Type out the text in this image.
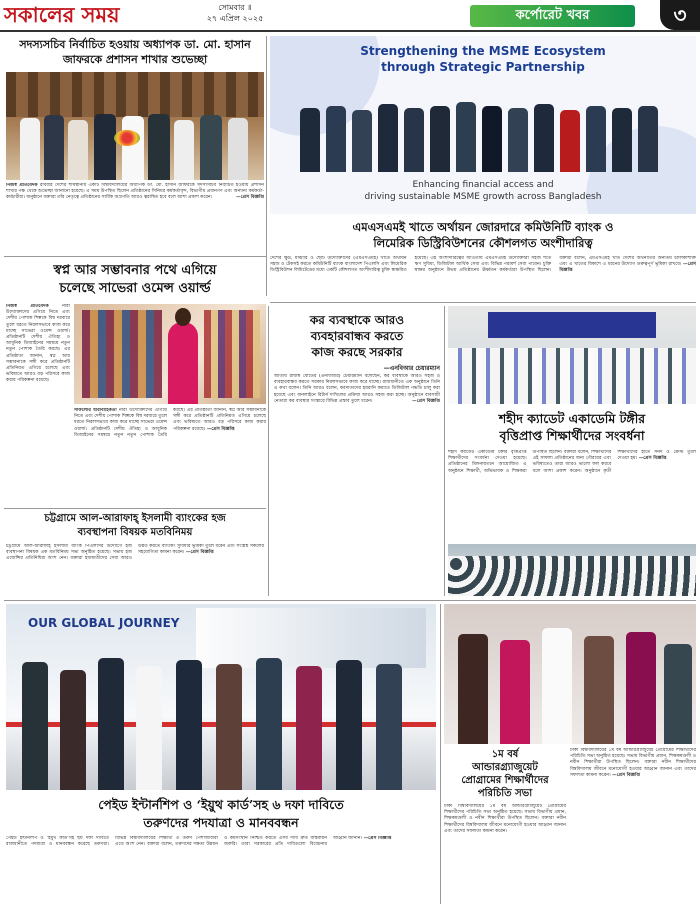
সকালের সময়	সোমবার ॥
২৭ এপ্রিল ২০২৫	কর্পোরেট খবর	৩
সদস্যসচিব নির্বাচিত হওয়ায় অধ্যাপক ডা. মো. হাসান
জাফরকে প্রশাসন শাখার শুভেচ্ছা
নিজস্ব প্রতিবেদক রবিবার দেশের শীর্ষস্থানীয় একটি বিশ্ববিদ্যালয়ের অধ্যাপক ডা. মো. হাসান জাফরকে সদস্যসচিব নির্বাচিত হওয়ায় প্রশাসন শাখার পক্ষ থেকে শুভেচ্ছা জানানো হয়েছে। এ সময় উপস্থিত ছিলেন প্রতিষ্ঠানের সিনিয়র কর্মকর্তাবৃন্দ, বিভাগীয় প্রধানগণ এবং অন্যান্য কর্মকর্তা-কর্মচারীরা। অনুষ্ঠানে বক্তারা তাঁর নেতৃত্বে প্রতিষ্ঠানের সার্বিক অগ্রগতি আরও ত্বরান্বিত হবে বলে আশা প্রকাশ করেন।	—প্রেস বিজ্ঞপ্তি
Strengthening the MSME Ecosystem
through Strategic Partnership
Enhancing financial access and
driving sustainable MSME growth across Bangladesh
এমএসএমই খাতে অর্থায়ন জোরদারে কমিউনিটি ব্যাংক ও
লিমেরিক ডিস্ট্রিবিউশনের কৌশলগত অংশীদারিত্ব
দেশের ক্ষুদ্র, মাঝারি ও ছোট উদ্যোক্তাদের (এমএসএমই) খাতে অর্থায়ন সহজ ও টেকসই করতে কমিউনিটি ব্যাংক বাংলাদেশ পিএলসি এবং লিমেরিক ডিস্ট্রিবিউশন লিমিটেডের মধ্যে একটি কৌশলগত অংশীদারিত্ব চুক্তি স্বাক্ষরিত হয়েছে। এই অংশীদারিত্বের আওতায় এমএসএমই উদ্যোক্তারা সহজ শর্তে ঋণ সুবিধা, ডিজিটাল আর্থিক সেবা এবং বিভিন্ন পরামর্শ সেবা পাবেন। চুক্তি স্বাক্ষর অনুষ্ঠানে উভয় প্রতিষ্ঠানের ঊর্ধ্বতন কর্মকর্তারা উপস্থিত ছিলেন। বক্তারা বলেন, এমএসএমই খাত দেশের অর্থনীতির অন্যতম চালিকাশক্তি এবং এ খাতের বিকাশে এ ধরনের উদ্যোগ গুরুত্বপূর্ণ ভূমিকা রাখবে। —প্রেস বিজ্ঞপ্তি
স্বপ্ন আর সম্ভাবনার পথে এগিয়ে
চলেছে সাভেরা ওমেন্স ওয়ার্ল্ড
নিজস্ব প্রতিবেদক	নারী উদ্যোক্তাদের এগিয়ে নিতে এবং দেশীয় পোশাক শিল্পকে বিশ্ব দরবারে তুলে ধরতে নিরলসভাবে কাজ করে যাচ্ছে সাভেরা ওমেন্স ওয়ার্ল্ড। প্রতিষ্ঠানটি দেশীয় ঐতিহ্য ও আধুনিক ডিজাইনের সমন্বয়ে নতুন নতুন পোশাক তৈরি করছে। এর প্রতিষ্ঠাতা জানান, স্বপ্ন আর সম্ভাবনাকে সঙ্গী করে প্রতিষ্ঠানটি প্রতিনিয়ত এগিয়ে চলেছে এবং ভবিষ্যতে আরও বড় পরিসরে কাজ করার পরিকল্পনা রয়েছে।
সাফল্যের ধারাবাহিকতা নারী উদ্যোক্তাদের এগিয়ে নিতে এবং দেশীয় পোশাক শিল্পকে বিশ্ব দরবারে তুলে ধরতে নিরলসভাবে কাজ করে যাচ্ছে সাভেরা ওমেন্স ওয়ার্ল্ড। প্রতিষ্ঠানটি দেশীয় ঐতিহ্য ও আধুনিক ডিজাইনের সমন্বয়ে নতুন নতুন পোশাক তৈরি করছে। এর প্রতিষ্ঠাতা জানান, স্বপ্ন আর সম্ভাবনাকে সঙ্গী করে প্রতিষ্ঠানটি প্রতিনিয়ত এগিয়ে চলেছে এবং ভবিষ্যতে আরও বড় পরিসরে কাজ করার পরিকল্পনা রয়েছে। —প্রেস বিজ্ঞপ্তি
কর ব্যবস্থাকে আরও
ব্যবহারবান্ধব করতে
কাজ করছে সরকার
—এনবিআর চেয়ারম্যান
জাতীয় রাজস্ব বোর্ডের (এনবিআর) চেয়ারম্যান বলেছেন, কর ব্যবস্থাকে আরও সহজ ও ব্যবহারবান্ধব করতে সরকার নিরলসভাবে কাজ করে যাচ্ছে। রাজধানীতে এক অনুষ্ঠানে তিনি এ কথা বলেন। তিনি আরও বলেন, করদাতাদের হয়রানি কমাতে ডিজিটাল পদ্ধতি চালু করা হয়েছে এবং অনলাইনে রিটার্ন দাখিলের প্রক্রিয়া আরও সহজ করা হচ্ছে। অনুষ্ঠানে ব্যবসায়ী নেতারা কর ব্যবস্থার সংস্কারে বিভিন্ন প্রস্তাব তুলে ধরেন।	—প্রেস বিজ্ঞপ্তি
শহীদ ক্যাডেট একাডেমি টঙ্গীর
বৃত্তিপ্রাপ্ত শিক্ষার্থীদের সংবর্ধনা
শহীদ ক্যাডেট একাডেমি টঙ্গীর বৃত্তিপ্রাপ্ত শিক্ষার্থীদের সংবর্ধনা দেওয়া হয়েছে। প্রতিষ্ঠানের মিলনায়তনে আয়োজিত এ অনুষ্ঠানে শিক্ষার্থী, অভিভাবক ও শিক্ষকরা উপস্থিত ছিলেন। বক্তারা বলেন, শিক্ষার্থীদের এই সাফল্য প্রতিষ্ঠানের জন্য গৌরবের এবং ভবিষ্যতেও তারা আরও ভালো ফল করবে বলে আশা প্রকাশ করেন। অনুষ্ঠানে কৃতী শিক্ষার্থীদের হাতে সনদ ও ক্রেস্ট তুলে দেওয়া হয়। —প্রেস বিজ্ঞপ্তি
চট্টগ্রামে আল-আরাফাহ্ ইসলামী ব্যাংকের হজ
ব্যবস্থাপনা বিষয়ক মতবিনিময়
চট্টগ্রামে আল-আরাফাহ্ ইসলামী ব্যাংক পিএলসির উদ্যোগে হজ ব্যবস্থাপনা বিষয়ক এক মতবিনিময় সভা অনুষ্ঠিত হয়েছে। সভায় হজ এজেন্সির প্রতিনিধিরা অংশ নেন। বক্তারা হজযাত্রীদের সেবা আরও উন্নত করতে ব্যাংকিং সুবিধার ভূমিকা তুলে ধরেন এবং সংশ্লিষ্ট সকলের সহযোগিতা কামনা করেন। —প্রেস বিজ্ঞপ্তি
OUR GLOBAL JOURNEY
১ম বর্ষ
আন্ডারগ্র্যাজুয়েট
প্রোগ্রামের শিক্ষার্থীদের
পরিচিতি সভা
ঢাকা বিশ্ববিদ্যালয়ের ১ম বর্ষ আন্ডারগ্র্যাজুয়েট প্রোগ্রামের শিক্ষার্থীদের পরিচিতি সভা অনুষ্ঠিত হয়েছে। সভায় বিভাগীয় প্রধান, শিক্ষকমণ্ডলী ও নবীন শিক্ষার্থীরা উপস্থিত ছিলেন। বক্তারা নবীন শিক্ষার্থীদের বিশ্ববিদ্যালয় জীবনে মনোযোগী হওয়ার আহ্বান জানান এবং তাদের সফলতা কামনা করেন।
ঢাকা বিশ্ববিদ্যালয়ের ১ম বর্ষ আন্ডারগ্র্যাজুয়েট প্রোগ্রামের শিক্ষার্থীদের পরিচিতি সভা অনুষ্ঠিত হয়েছে। সভায় বিভাগীয় প্রধান, শিক্ষকমণ্ডলী ও নবীন শিক্ষার্থীরা উপস্থিত ছিলেন। বক্তারা নবীন শিক্ষার্থীদের বিশ্ববিদ্যালয় জীবনে মনোযোগী হওয়ার আহ্বান জানান এবং তাদের সফলতা কামনা করেন। —প্রেস বিজ্ঞপ্তি
পেইড ইন্টার্নশিপ ও ‘ইয়ুথ কার্ড’সহ ৬ দফা দাবিতে
তরুণদের পদযাত্রা ও মানববন্ধন
পেইড ইন্টার্নশিপ ও ‘ইয়ুথ কার্ড’সহ ছয় দফা দাবিতে রাজধানীতে পদযাত্রা ও মানববন্ধন করেছে তরুণরা। বিভিন্ন বিশ্ববিদ্যালয়ের শিক্ষার্থী ও তরুণ পেশাজীবীরা এতে অংশ নেন। বক্তারা বলেন, তরুণদের দক্ষতা উন্নয়ন ও কর্মসংস্থান নিশ্চিত করতে এসব দাবি দ্রুত বাস্তবায়ন জরুরি। তারা সরকারের প্রতি দাবিগুলো বিবেচনার আহ্বান জানান। —প্রেস বিজ্ঞপ্তি
